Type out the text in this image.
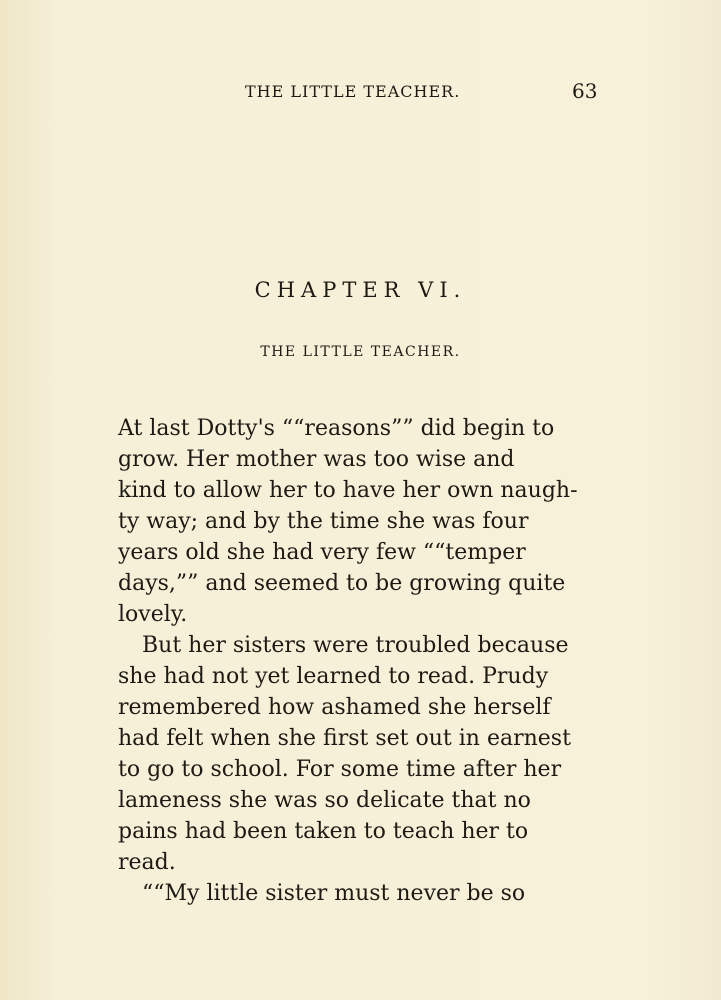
THE LITTLE TEACHER.	63
CHAPTER VI.
THE LITTLE TEACHER.
At last Dotty's ““reasons”” did begin to
grow. Her mother was too wise and
kind to allow her to have her own naugh-
ty way; and by the time she was four
years old she had very few ““temper
days,”” and seemed to be growing quite
lovely.
But her sisters were troubled because
she had not yet learned to read. Prudy
remembered how ashamed she herself
had felt when she first set out in earnest
to go to school. For some time after her
lameness she was so delicate that no
pains had been taken to teach her to
read.
““My little sister must never be so
